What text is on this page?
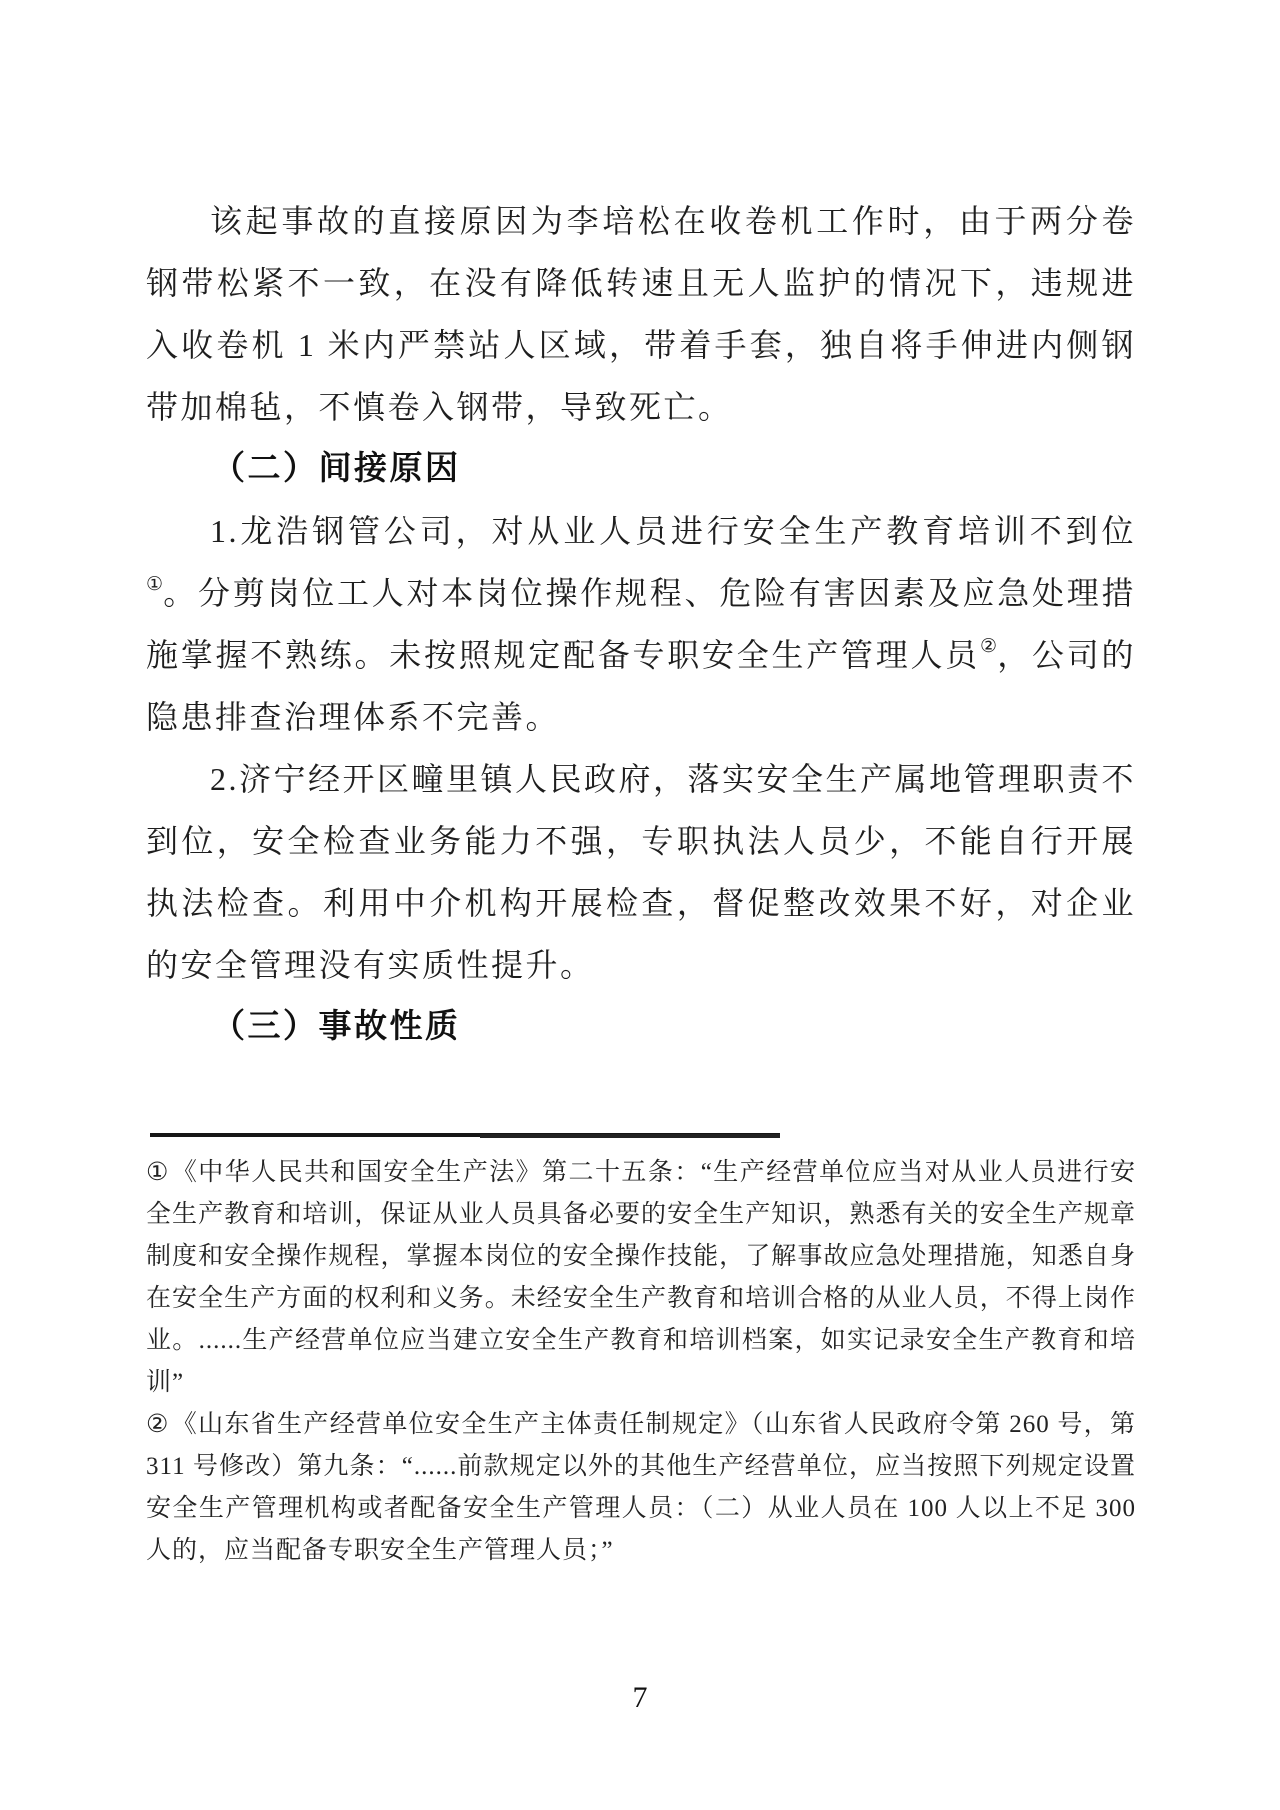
该起事故的直接原因为李培松在收卷机工作时，由于两分卷钢带松紧不一致，在没有降低转速且无人监护的情况下，违规进入收卷机 1 米内严禁站人区域，带着手套，独自将手伸进内侧钢带加棉毡，不慎卷入钢带，导致死亡。

（二）间接原因

1.龙浩钢管公司，对从业人员进行安全生产教育培训不到位①。分剪岗位工人对本岗位操作规程、危险有害因素及应急处理措施掌握不熟练。未按照规定配备专职安全生产管理人员②，公司的隐患排查治理体系不完善。

2.济宁经开区疃里镇人民政府，落实安全生产属地管理职责不到位，安全检查业务能力不强，专职执法人员少，不能自行开展执法检查。利用中介机构开展检查，督促整改效果不好，对企业的安全管理没有实质性提升。

（三）事故性质

①《中华人民共和国安全生产法》第二十五条：“生产经营单位应当对从业人员进行安全生产教育和培训，保证从业人员具备必要的安全生产知识，熟悉有关的安全生产规章制度和安全操作规程，掌握本岗位的安全操作技能，了解事故应急处理措施，知悉自身在安全生产方面的权利和义务。未经安全生产教育和培训合格的从业人员，不得上岗作业。......生产经营单位应当建立安全生产教育和培训档案，如实记录安全生产教育和培训”

②《山东省生产经营单位安全生产主体责任制规定》（山东省人民政府令第 260 号，第 311 号修改）第九条：“......前款规定以外的其他生产经营单位，应当按照下列规定设置安全生产管理机构或者配备安全生产管理人员：（二）从业人员在 100 人以上不足 300 人的，应当配备专职安全生产管理人员；”

7
